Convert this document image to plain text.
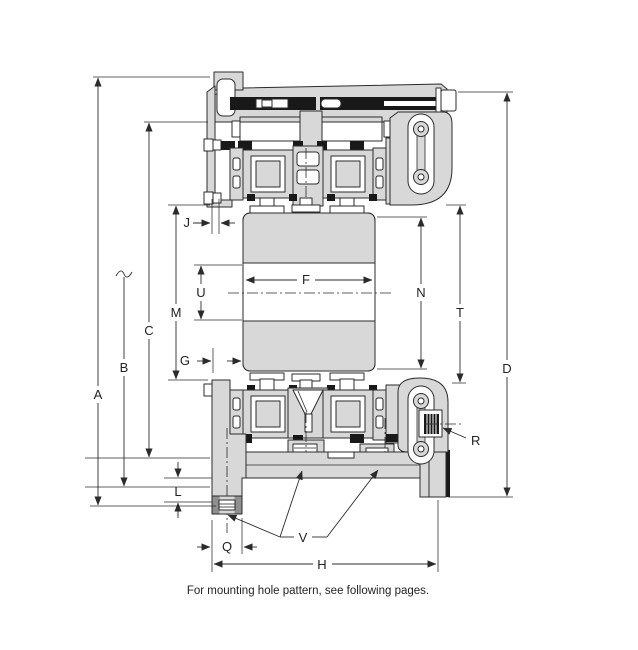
A
B
C
M
U
G
J
F
N
T
D
R
L
Q
H
V
For mounting hole pattern, see following pages.
